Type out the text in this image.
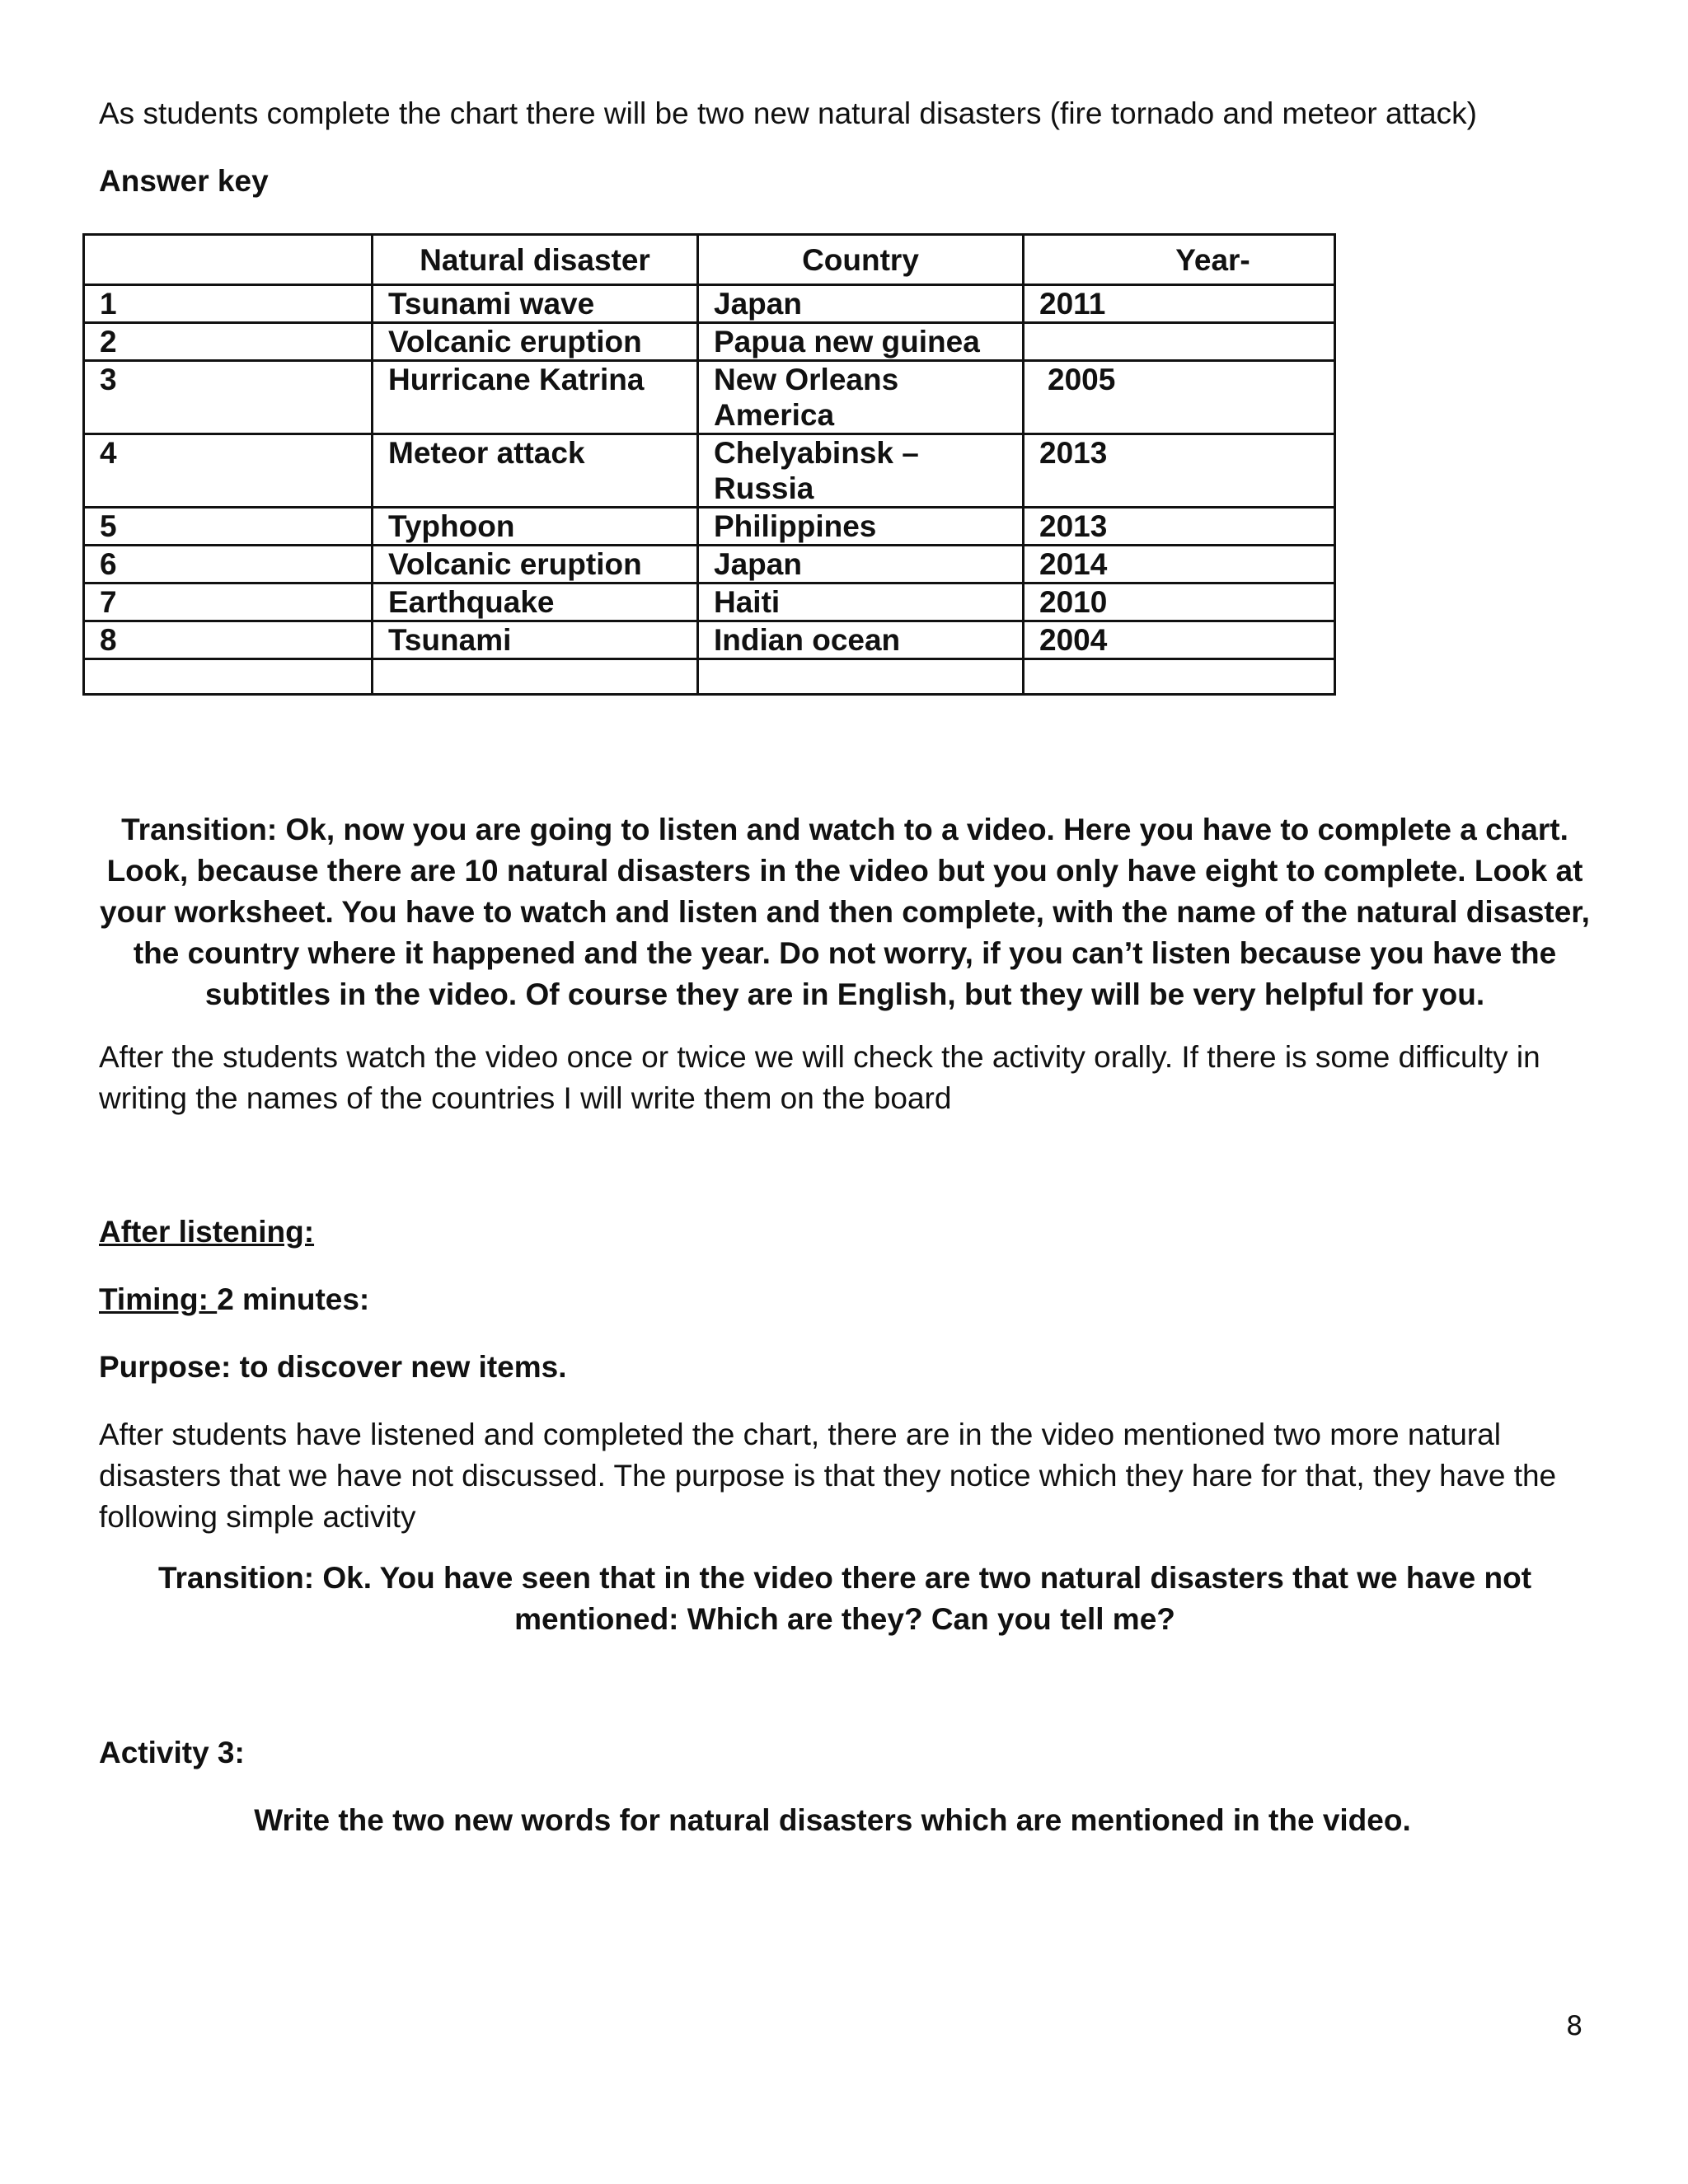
As students complete the chart there will be two new natural disasters (fire tornado and meteor attack)

Answer key

	Natural disaster	Country	Year-
1	Tsunami wave	Japan	2011
2	Volcanic eruption	Papua new guinea	
3	Hurricane Katrina	New Orleans America	2005
4	Meteor attack	Chelyabinsk – Russia	2013
5	Typhoon	Philippines	2013
6	Volcanic eruption	Japan	2014
7	Earthquake	Haiti	2010
8	Tsunami	Indian ocean	2004

Transition: Ok, now you are going to listen and watch to a video. Here you have to complete a chart. Look, because there are 10 natural disasters in the video but you only have eight to complete. Look at your worksheet. You have to watch and listen and then complete, with the name of the natural disaster, the country where it happened and the year. Do not worry, if you can’t listen because you have the subtitles in the video. Of course they are in English, but they will be very helpful for you.

After the students watch the video once or twice we will check the activity orally. If there is some difficulty in writing the names of the countries I will write them on the board

After listening:

Timing: 2 minutes:

Purpose: to discover new items.

After students have listened and completed the chart, there are in the video mentioned two more natural disasters that we have not discussed. The purpose is that they notice which they hare for that, they have the following simple activity

Transition: Ok. You have seen that in the video there are two natural disasters that we have not mentioned: Which are they? Can you tell me?

Activity 3:

Write the two new words for natural disasters which are mentioned in the video.

8
